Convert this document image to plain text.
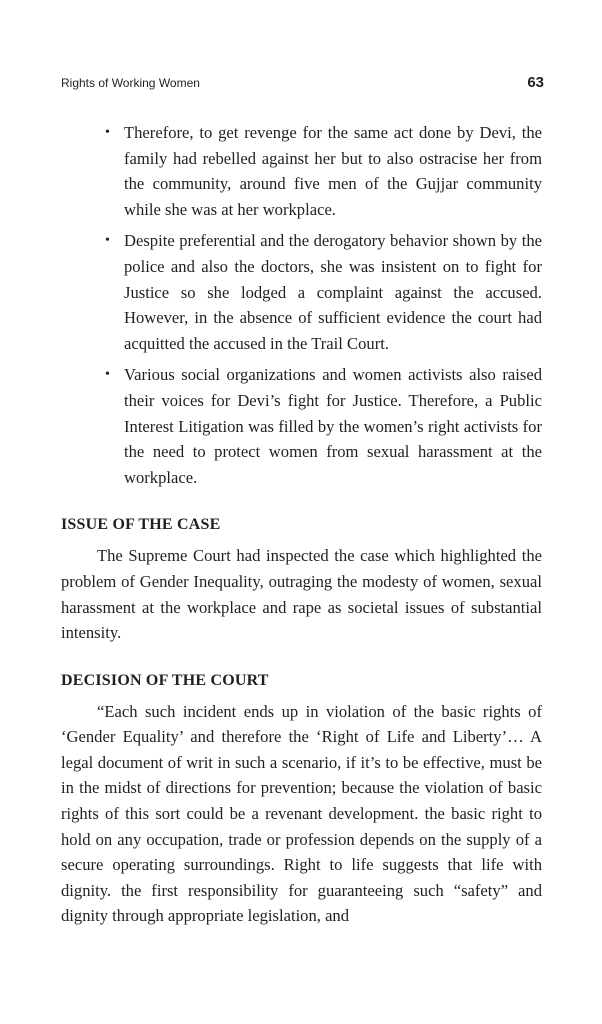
Rights of Working Women	63
• Therefore, to get revenge for the same act done by Devi, the family had rebelled against her but to also ostracise her from the community, around five men of the Gujjar community while she was at her workplace.
• Despite preferential and the derogatory behavior shown by the police and also the doctors, she was insistent on to fight for Justice so she lodged a complaint against the accused. However, in the absence of sufficient evidence the court had acquitted the accused in the Trail Court.
• Various social organizations and women activists also raised their voices for Devi’s fight for Justice. Therefore, a Public Interest Litigation was filled by the women’s right activists for the need to protect women from sexual harassment at the workplace.
ISSUE OF THE CASE

The Supreme Court had inspected the case which highlighted the problem of Gender Inequality, outraging the modesty of women, sexual harassment at the workplace and rape as societal issues of substantial intensity.

DECISION OF THE COURT

“Each such incident ends up in violation of the basic rights of ‘Gender Equality’ and therefore the ‘Right of Life and Liberty’… A legal document of writ in such a scenario, if it’s to be effective, must be in the midst of directions for prevention; because the violation of basic rights of this sort could be a revenant development. the basic right to hold on any occupation, trade or profession depends on the supply of a secure operating surroundings. Right to life suggests that life with dignity. the first responsibility for guaranteeing such “safety” and dignity through appropriate legislation, and
